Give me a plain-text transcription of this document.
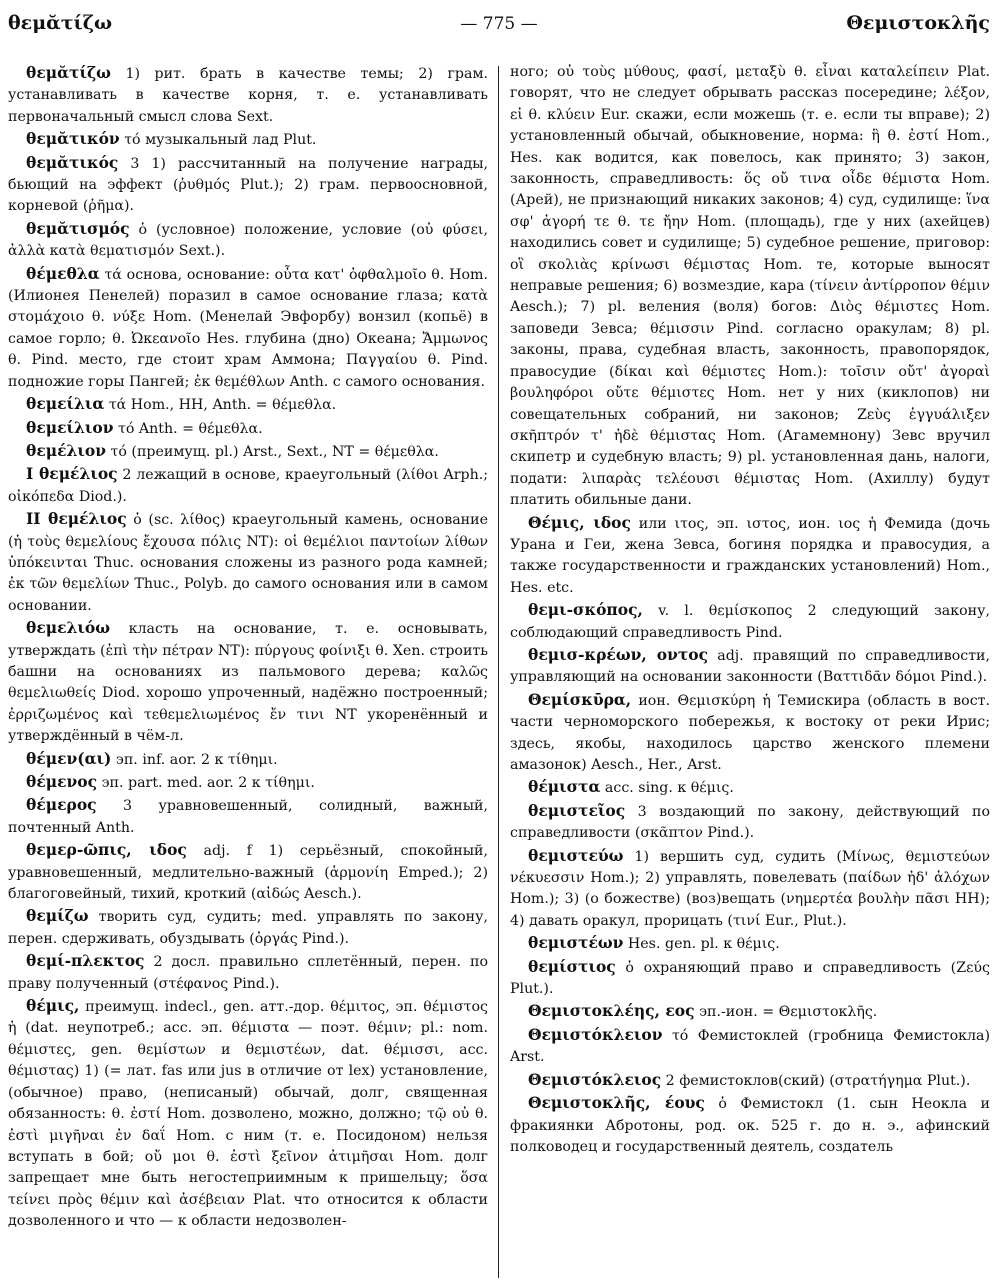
θεμᾰτίζω	— 775 —	Θεμιστοκλῆς

θεμᾰτίζω 1) рит. брать в качестве темы; 2) грам. устанавливать в качестве корня, т. е. устанавливать первоначальный смысл слова Sext.

θεμᾰτικόν τό музыкальный лад Plut.

θεμᾰτικός 3 1) рассчитанный на получение награды, бьющий на эффект (ῥυθμός Plut.); 2) грам. первоосновной, корневой (ῥῆμα).

θεμᾰτισμός ὁ (условное) положение, условие (οὐ φύσει, ἀλλὰ κατὰ θεματισμόν Sext.).

θέμεθλα τά основа, основание: οὖτα κατ' ὀφθαλμοῖο θ. Hom. (Илионея Пенелей) поразил в самое основание глаза; κατὰ στομάχοιο θ. νύξε Hom. (Менелай Эвфорбу) вонзил (копьё) в самое горло; θ. Ὠκεανοῖο Hes. глубина (дно) Океана; Ἄμμωνος θ. Pind. место, где стоит храм Аммона; Παγγαίου θ. Pind. подножие горы Пангей; ἐκ θεμέθλων Anth. с самого основания.

θεμείλια τά Hom., HH, Anth. = θέμεθλα.

θεμείλιον τό Anth. = θέμεθλα.

θεμέλιον τό (преимущ. pl.) Arst., Sext., NT = θέμεθλα.

I θεμέλιος 2 лежащий в основе, краеугольный (λίθοι Arph.; οἰκόπεδα Diod.).

II θεμέλιος ὁ (sc. λίθος) краеугольный камень, основание (ἡ τοὺς θεμελίους ἔχουσα πόλις NT): οἱ θεμέλιοι παντοίων λίθων ὑπόκεινται Thuc. основания сложены из разного рода камней; ἐκ τῶν θεμελίων Thuc., Polyb. до самого основания или в самом основании.

θεμελιόω класть на основание, т. е. основывать, утверждать (ἐπὶ τὴν πέτραν NT): πύργους φοίνιξι θ. Xen. строить башни на основаниях из пальмового дерева; καλῶς θεμελιωθείς Diod. хорошо упроченный, надёжно построенный; ἐρριζωμένος καὶ τεθεμελιωμένος ἔν τινι NT укоренённый и утверждённый в чём-л.

θέμεν(αι) эп. inf. aor. 2 к τίθημι.

θέμενος эп. part. med. aor. 2 к τίθημι.

θέμερος 3 уравновешенный, солидный, важный, почтенный Anth.

θεμερ-ῶπις, ιδος adj. f 1) серьёзный, спокойный, уравновешенный, медлительно-важный (ἁρμονίη Emped.); 2) благоговейный, тихий, кроткий (αἰδώς Aesch.).

θεμίζω творить суд, судить; med. управлять по закону, перен. сдерживать, обуздывать (ὀργάς Pind.).

θεμί-πλεκτος 2 досл. правильно сплетённый, перен. по праву полученный (στέφανος Pind.).

θέμις, преимущ. indecl., gen. атт.-дор. θέμιτος, эп. θέμιστος ἡ (dat. неупотреб.; acc. эп. θέμιστα — поэт. θέμιν; pl.: nom. θέμιστες, gen. θεμίστων и θεμιστέων, dat. θέμισσι, acc. θέμιστας) 1) (= лат. fas или jus в отличие от lex) установление, (обычное) право, (неписаный) обычай, долг, священная обязанность: θ. ἐστί Hom. дозволено, можно, должно; τῷ οὐ θ. ἐστὶ μιγῆναι ἐν δαΐ Hom. с ним (т. е. Посидоном) нельзя вступать в бой; οὔ μοι θ. ἐστὶ ξεῖνον ἀτιμῆσαι Hom. долг запрещает мне быть негостеприимным к пришельцу; ὅσα τείνει πρὸς θέμιν καὶ ἀσέβειαν Plat. что относится к области дозволенного и что — к области недозволен-

ного; οὐ τοὺς μύθους, φασί, μεταξὺ θ. εἶναι καταλείπειν Plat. говорят, что не следует обрывать рассказ посередине; λέξον, εἰ θ. κλύειν Eur. скажи, если можешь (т. е. если ты вправе); 2) установленный обычай, обыкновение, норма: ἣ θ. ἐστί Hom., Hes. как водится, как повелось, как принято; 3) закон, законность, справедливость: ὅς οὔ τινα οἶδε θέμιστα Hom. (Арей), не признающий никаких законов; 4) суд, судилище: ἵνα σφ' ἀγορή τε θ. τε ἤην Hom. (площадь), где у них (ахейцев) находились совет и судилище; 5) судебное решение, приговор: οἳ σκολιὰς κρίνωσι θέμιστας Hom. те, которые выносят неправые решения; 6) возмездие, кара (τίνειν ἀντίρροπον θέμιν Aesch.); 7) pl. веления (воля) богов: Διὸς θέμιστες Hom. заповеди Зевса; θέμισσιν Pind. согласно оракулам; 8) pl. законы, права, судебная власть, законность, правопорядок, правосудие (δίκαι καὶ θέμιστες Hom.): τοῖσιν οὔτ' ἀγοραὶ βουληφόροι οὔτε θέμιστες Hom. нет у них (киклопов) ни совещательных собраний, ни законов; Ζεὺς ἐγγυάλιξεν σκῆπτρόν τ' ἠδὲ θέμιστας Hom. (Агамемнону) Зевс вручил скипетр и судебную власть; 9) pl. установленная дань, налоги, подати: λιπαρὰς τελέουσι θέμιστας Hom. (Ахиллу) будут платить обильные дани.

Θέμις, ιδος или ιτος, эп. ιστος, ион. ιος ἡ Фемида (дочь Урана и Геи, жена Зевса, богиня порядка и правосудия, а также государственности и гражданских установлений) Hom., Hes. etc.

θεμι-σκόπος, v. l. θεμίσκοπος 2 следующий закону, соблюдающий справедливость Pind.

θεμισ-κρέων, οντος adj. правящий по справедливости, управляющий на основании законности (Βαττιδᾶν δόμοι Pind.).

Θεμίσκῡρα, ион. Θεμισκύρη ἡ Темискира (область в вост. части черноморского побережья, к востоку от реки Ирис; здесь, якобы, находилось царство женского племени амазонок) Aesch., Her., Arst.

θέμιστα acc. sing. к θέμις.

θεμιστεῖος 3 воздающий по закону, действующий по справедливости (σκᾶπτον Pind.).

θεμιστεύω 1) вершить суд, судить (Μίνως, θεμιστεύων νέκυεσσιν Hom.); 2) управлять, повелевать (παίδων ἠδ' ἀλόχων Hom.); 3) (о божестве) (воз)вещать (νημερτέα βουλὴν πᾶσι HH); 4) давать оракул, прорицать (τινί Eur., Plut.).

θεμιστέων Hes. gen. pl. к θέμις.

θεμίστιος ὁ охраняющий право и справедливость (Ζεύς Plut.).

Θεμιστοκλέης, εος эп.-ион. = Θεμιστοκλῆς.

Θεμιστόκλειον τό Фемистоклей (гробница Фемистокла) Arst.

Θεμιστόκλειος 2 фемистоклов(ский) (στρατήγημα Plut.).

Θεμιστοκλῆς, έους ὁ Фемистокл (1. сын Неокла и фракиянки Абротоны, род. ок. 525 г. до н. э., афинский полководец и государственный деятель, создатель
